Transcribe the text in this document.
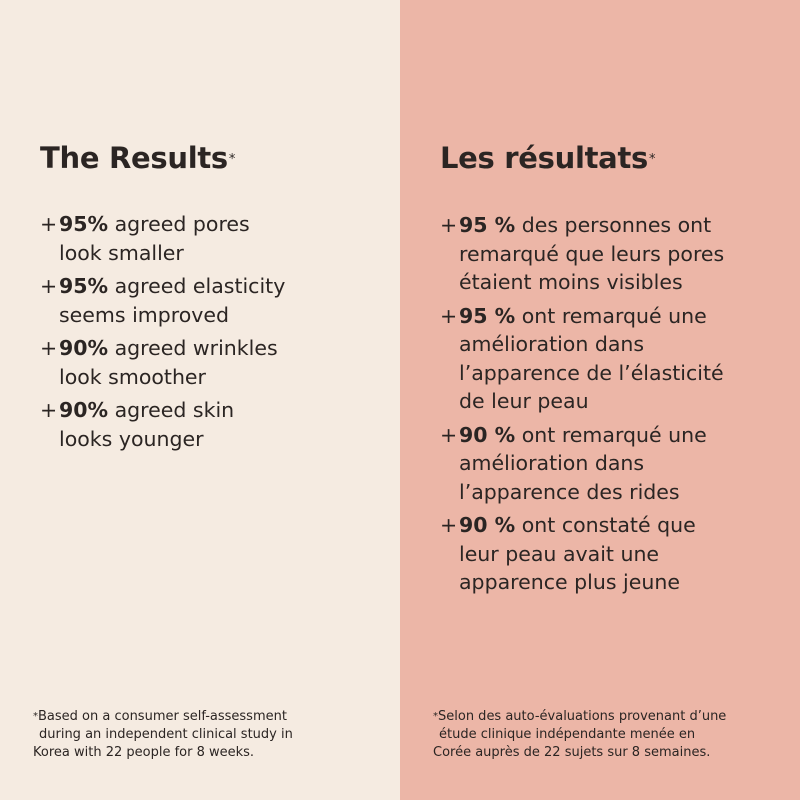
The Results*
+ 95% agreed pores
look smaller
+ 95% agreed elasticity
seems improved
+ 90% agreed wrinkles
look smoother
+ 90% agreed skin
looks younger

*Based on a consumer self-assessment
during an independent clinical study in
Korea with 22 people for 8 weeks.

Les résultats*
+ 95 % des personnes ont
remarqué que leurs pores
étaient moins visibles
+ 95 % ont remarqué une
amélioration dans
l’apparence de l’élasticité
de leur peau
+ 90 % ont remarqué une
amélioration dans
l’apparence des rides
+ 90 % ont constaté que
leur peau avait une
apparence plus jeune

*Selon des auto-évaluations provenant d’une
étude clinique indépendante menée en
Corée auprès de 22 sujets sur 8 semaines.
